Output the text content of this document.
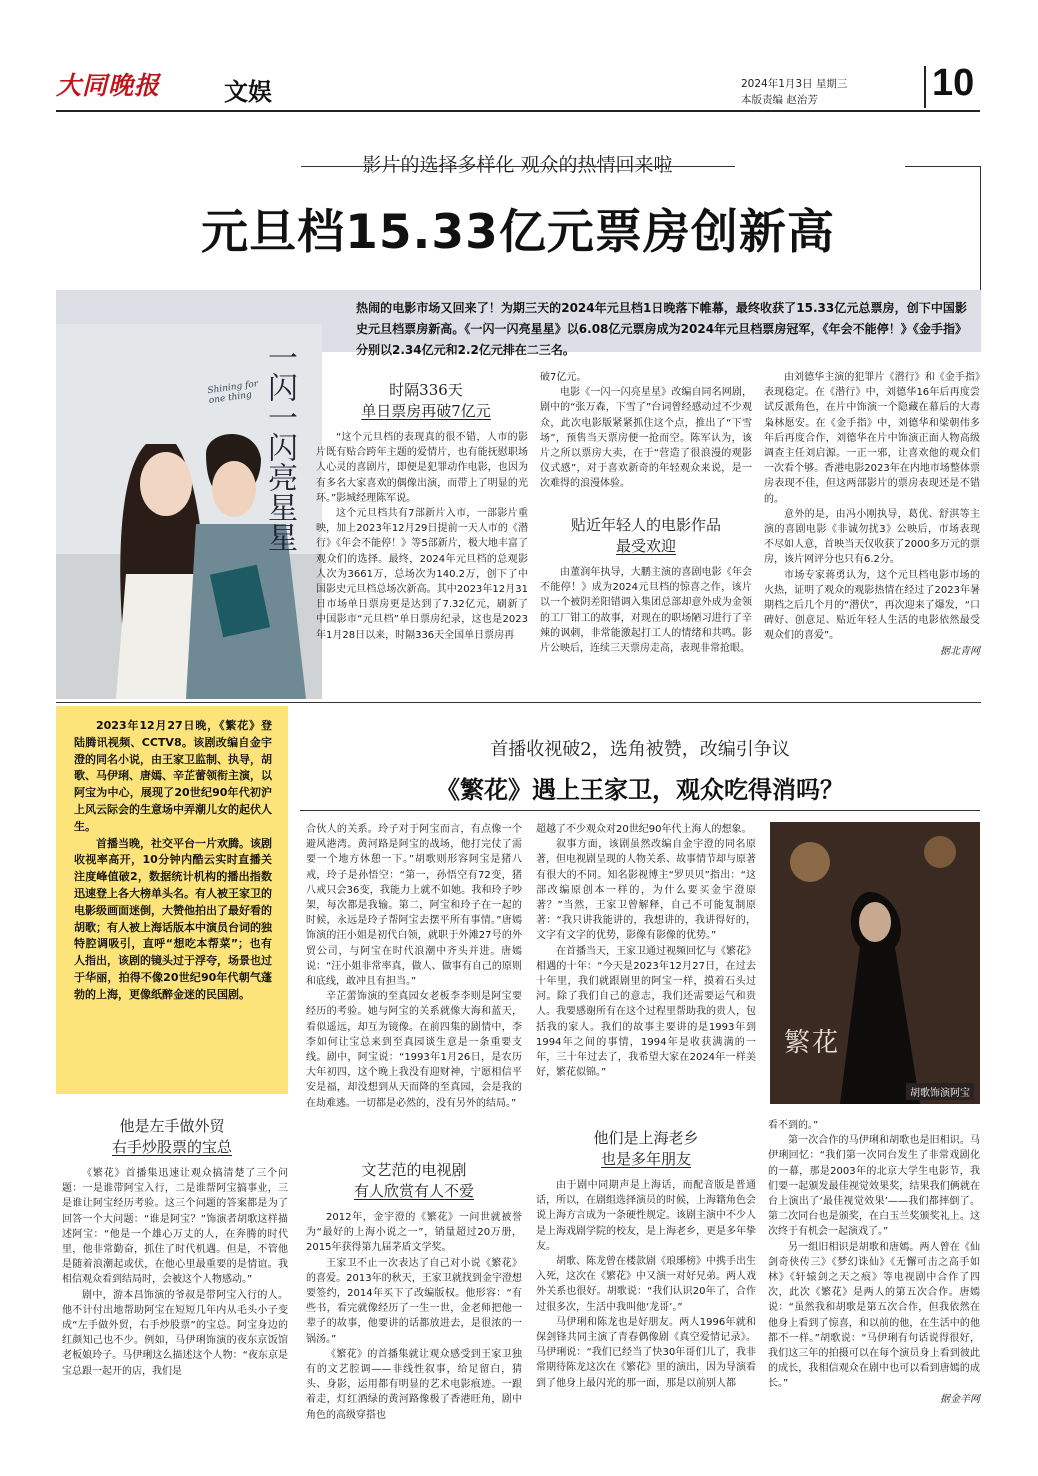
大同晚报	文娱	2024年1月3日 星期三
本版责编 赵治芳	10
影片的选择多样化 观众的热情回来啦
元旦档15.33亿元票房创新高
热闹的电影市场又回来了！为期三天的2024年元旦档1日晚落下帷幕，最终收获了15.33亿元总票房，创下中国影史元旦档票房新高。《一闪一闪亮星星》以6.08亿元票房成为2024年元旦档票房冠军，《年会不能停！》《金手指》分别以2.34亿元和2.2亿元排在二三名。
一闪一闪亮星星
Shining for one thing	时隔336天
单日票房再破7亿元

“这个元旦档的表现真的很不错，人市的影片既有贴合跨年主题的爱情片，也有能抚慰职场人心灵的喜剧片，即便是犯罪动作电影，也因为有多名大家喜欢的偶像出演，而带上了明显的光环。”影城经理陈军说。

这个元旦档共有7部新片入市，一部影片重映，加上2023年12月29日提前一天人市的《潜行》《年会不能停！》等5部新片，极大地丰富了观众们的选择。最终，2024年元旦档的总观影人次为3661万，总场次为140.2万，创下了中国影史元旦档总场次新高。其中2023年12月31日市场单日票房更是达到了7.32亿元，刷新了中国影市“元旦档”单日票房纪录，这也是2023年1月28日以来，时隔336天全国单日票房再

破7亿元。

电影《一闪一闪亮星星》改编自同名网剧，剧中的“张万森，下雪了”台词曾经感动过不少观众，此次电影版紧紧抓住这个点，推出了“下雪场”，预售当天票房便一抢而空。陈军认为，该片之所以票房大卖，在于“营造了很浪漫的观影仪式感”，对于喜欢新奇的年轻观众来说，是一次难得的浪漫体验。

贴近年轻人的电影作品
最受欢迎

由董润年执导，大鹏主演的喜剧电影《年会不能停！》成为2024元旦档的惊喜之作，该片以一个被阴差阳错调入集团总部却意外成为金领的工厂钳工的故事，对现在的职场陋习进行了辛辣的讽刺，非常能激起打工人的情绪和共鸣。影片公映后，连续三天票房走高，表现非常抢眼。

由刘德华主演的犯罪片《潜行》和《金手指》表现稳定。在《潜行》中，刘德华16年后再度尝试反派角色，在片中饰演一个隐藏在幕后的大毒枭林愿安。在《金手指》中，刘德华和梁朝伟多年后再度合作，刘德华在片中饰演正面人物高级调查主任刘启源。一正一邪，让喜欢他的观众们一次看个够。香港电影2023年在内地市场整体票房表现不佳，但这两部影片的票房表现还是不错的。

意外的是，由冯小刚执导，葛优、舒淇等主演的喜剧电影《非诚勿扰3》公映后，市场表现不尽如人意，首映当天仅收获了2000多万元的票房，该片网评分也只有6.2分。

市场专家蒋勇认为，这个元旦档电影市场的火热，证明了观众的观影热情在经过了2023年暑期档之后几个月的“潜伏”，再次迎来了爆发，“口碑好、创意足、贴近年轻人生活的电影依然最受观众们的喜爱”。

据北青网

2023年12月27日晚，《繁花》登陆腾讯视频、CCTV8。该剧改编自金宇澄的同名小说，由王家卫监制、执导，胡歌、马伊琍、唐嫣、辛芷蕾领衔主演，以阿宝为中心，展现了20世纪90年代初沪上风云际会的生意场中弄潮儿女的起伏人生。

首播当晚，社交平台一片欢腾。该剧收视率高开，10分钟内酷云实时直播关注度峰值破2，数据统计机构的播出指数迅速登上各大榜单头名。有人被王家卫的电影级画面迷倒，大赞他拍出了最好看的胡歌；有人被上海话版本中演员台词的独特腔调吸引，直呼“想吃本帮菜”；也有人指出，该剧的镜头过于浮夸，场景也过于华丽，拍得不像20世纪90年代朝气蓬勃的上海，更像纸醉金迷的民国剧。

首播收视破2，选角被赞，改编引争议
《繁花》遇上王家卫，观众吃得消吗？

合伙人的关系。玲子对于阿宝而言，有点像一个避风港湾。黄河路是阿宝的战场，他打完仗了需要一个地方休憩一下。”胡歌则形容阿宝是猪八戒，玲子是孙悟空：“第一，孙悟空有72变，猪八戒只会36变，我能力上就不如她。我和玲子吵架，每次都是我输。第二，阿宝和玲子在一起的时候，永远是玲子帮阿宝去摆平所有事情。”唐嫣饰演的汪小姐是初代白领，就职于外滩27号的外贸公司，与阿宝在时代浪潮中齐头并进。唐嫣说：“汪小姐非常率真，做人、做事有自己的原则和底线，敢冲且有担当。”

辛芷蕾饰演的至真园女老板李李则是阿宝要经历的考验。她与阿宝的关系就像大海和蓝天，看似遥远，却互为镜像。在前四集的剧情中，李李如何让宝总来到至真园谈生意是一条重要支线。剧中，阿宝说：“1993年1月26日，是农历大年初四，这个晚上我没有迎财神，宁愿相信平安是福，却没想到从天而降的至真园，会是我的在劫难逃。一切都是必然的，没有另外的结局。”

超越了不少观众对20世纪90年代上海人的想象。

叙事方面，该剧虽然改编自金宇澄的同名原著，但电视剧呈现的人物关系、故事情节却与原著有很大的不同。知名影视博主“罗贝贝”指出：“这部改编原创本一样的，为什么要买金宇澄原著？”当然，王家卫曾解释，自己不可能复制原著：“我只讲我能讲的，我想讲的，我讲得好的，文字有文字的优势，影像有影像的优势。”

在首播当天，王家卫通过视频回忆与《繁花》相遇的十年：“今天是2023年12月27日，在过去十年里，我们就跟剧里的阿宝一样，摸着石头过河。除了我们自己的意志，我们还需要运气和贵人。我要感谢所有在这个过程里帮助我的贵人，包括我的家人。我们的故事主要讲的是1993年到1994年之间的事情，1994年是收获满满的一年，三十年过去了，我希望大家在2024年一样美好，繁花似锦。”

繁花
胡歌饰演阿宝
他是左手做外贸
右手炒股票的宝总

《繁花》首播集迅速让观众搞清楚了三个问题：一是谁带阿宝入行，二是谁帮阿宝搞事业，三是谁让阿宝经历考验。这三个问题的答案都是为了回答一个大问题：“谁是阿宝？”饰演者胡歌这样描述阿宝：“他是一个雄心万丈的人，在奔腾的时代里，他非常勤奋，抓住了时代机遇。但是，不管他是随着浪潮起或伏，在他心里最重要的是情谊。我相信观众看到结局时，会被这个人物感动。”

剧中，游本昌饰演的爷叔是带阿宝入行的人。他不计付出地帮助阿宝在短短几年内从毛头小子变成“左手做外贸，右手炒股票”的宝总。阿宝身边的红颜知己也不少。例如，马伊琍饰演的夜东京饭馆老板娘玲子。马伊琍这么描述这个人物：“夜东京是宝总跟一起开的店，我们是

文艺范的电视剧
有人欣赏有人不爱

2012年，金宇澄的《繁花》一问世就被誉为“最好的上海小说之一”，销量超过20万册，2015年获得第九届茅盾文学奖。

王家卫不止一次表达了自己对小说《繁花》的喜爱。2013年的秋天，王家卫就找到金宇澄想要签约，2014年买下了改编版权。他形容：“有些书，看完就像经历了一生一世，金老师把他一辈子的故事，他要讲的话都放进去，是很浓的一锅汤。”

《繁花》的首播集就让观众感受到王家卫独有的文艺腔调——非线性叙事，给足留白，猜头、身影，运用都有明显的艺术电影痕迹。一跟着走，灯红酒绿的黄河路像极了香港旺角，剧中角色的高级穿搭也

他们是上海老乡
也是多年朋友

由于剧中同期声是上海话，而配音版是普通话，所以，在剧组选择演员的时候，上海籍角色会说上海方言成为一条硬性规定。该剧主演中不少人是上海戏剧学院的校友，是上海老乡，更是多年挚友。

胡歌、陈龙曾在楼款剧《琅琊榜》中携手出生入死，这次在《繁花》中又演一对好兄弟。两人戏外关系也很好。胡歌说：“我们认识20年了，合作过很多次，生活中我叫他‘龙哥’。”

马伊琍和陈龙也是好朋友。两人1996年就和保剑锋共同主演了青春偶像剧《真空爱情记录》。马伊琍说：“我们已经当了快30年哥们儿了，我非常期待陈龙这次在《繁花》里的演出，因为导演看到了他身上最闪光的那一面，那是以前别人都

看不到的。”

第一次合作的马伊琍和胡歌也是旧相识。马伊琍回忆：“我们第一次同台发生了非常戏剧化的一幕，那是2003年的北京大学生电影节，我们要一起颁发最佳视觉效果奖，结果我们俩就在台上演出了‘最佳视觉效果’——我们都摔倒了。第二次同台也是颁奖，在白玉兰奖颁奖礼上。这次终于有机会一起演戏了。”

另一组旧相识是胡歌和唐嫣。两人曾在《仙剑奇侠传三》《梦幻诛仙》《无懈可击之高手如林》《轩辕剑之天之痕》等电视剧中合作了四次，此次《繁花》是两人的第五次合作。唐嫣说：“虽然我和胡歌是第五次合作，但我依然在他身上看到了惊喜，和以前的他，在生活中的他都不一样。”胡歌说：“马伊琍有句话说得很好，我们这三年的拍摄可以在每个演员身上看到彼此的成长，我相信观众在剧中也可以看到唐嫣的成长。”

据金羊网
